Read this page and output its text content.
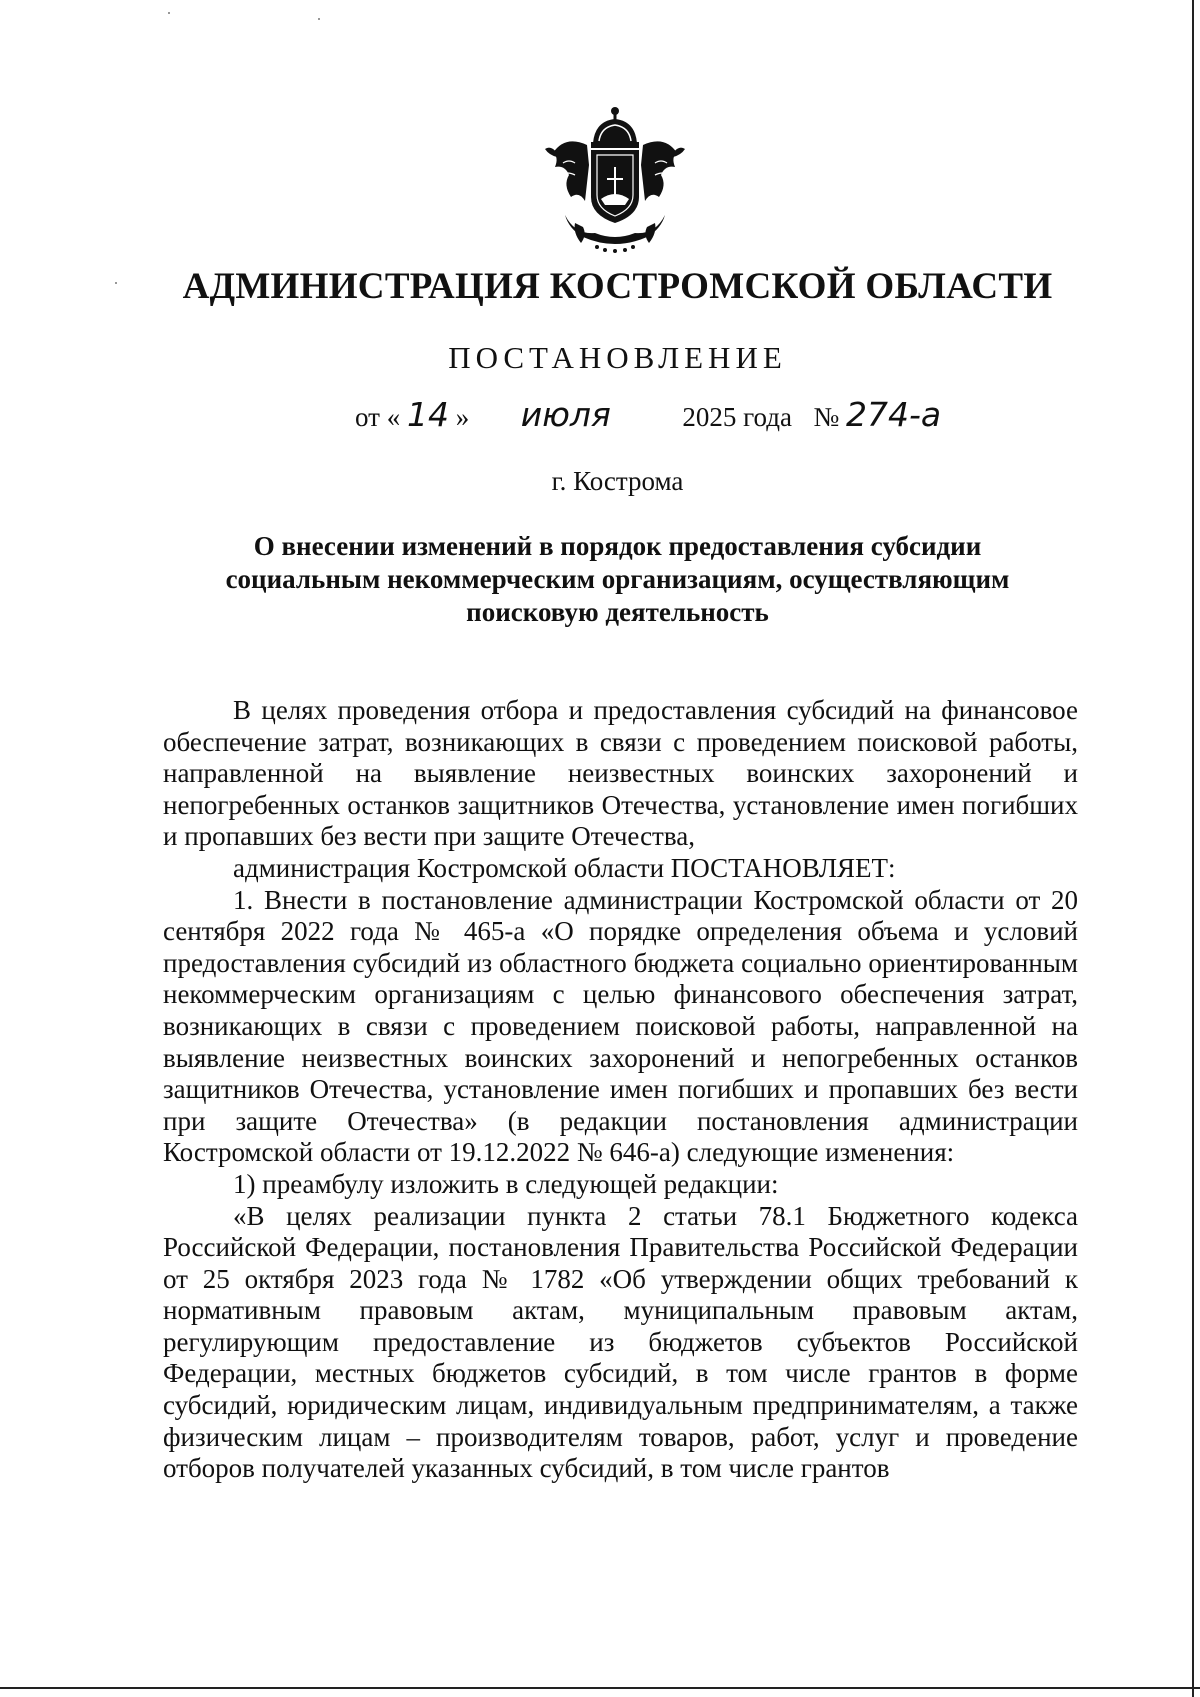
АДМИНИСТРАЦИЯ КОСТРОМСКОЙ ОБЛАСТИ
ПОСТАНОВЛЕНИЕ
от « 14 » июля	2025 года № 274-а
г. Кострома
О внесении изменений в порядок предоставления субсидии
социальным некоммерческим организациям, осуществляющим
поисковую деятельность

В целях проведения отбора и предоставления субсидий на финансовое обеспечение затрат, возникающих в связи с проведением поисковой работы, направленной на выявление неизвестных воинских захоронений и непогребенных останков защитников Отечества, установление имен погибших и пропавших без вести при защите Отечества,

администрация Костромской области ПОСТАНОВЛЯЕТ:

1. Внести в постановление администрации Костромской области от 20 сентября 2022 года № 465-а «О порядке определения объема и условий предоставления субсидий из областного бюджета социально ориентированным некоммерческим организациям с целью финансового обеспечения затрат, возникающих в связи с проведением поисковой работы, направленной на выявление неизвестных воинских захоронений и непогребенных останков защитников Отечества, установление имен погибших и пропавших без вести при защите Отечества» (в редакции постановления администрации Костромской области от 19.12.2022 № 646-а) следующие изменения:

1) преамбулу изложить в следующей редакции:

«В целях реализации пункта 2 статьи 78.1 Бюджетного кодекса Российской Федерации, постановления Правительства Российской Федерации от 25 октября 2023 года № 1782 «Об утверждении общих требований к нормативным правовым актам, муниципальным правовым актам, регулирующим предоставление из бюджетов субъектов Российской Федерации, местных бюджетов субсидий, в том числе грантов в форме субсидий, юридическим лицам, индивидуальным предпринимателям, а также физическим лицам – производителям товаров, работ, услуг и проведение отборов получателей указанных субсидий, в том числе грантов
